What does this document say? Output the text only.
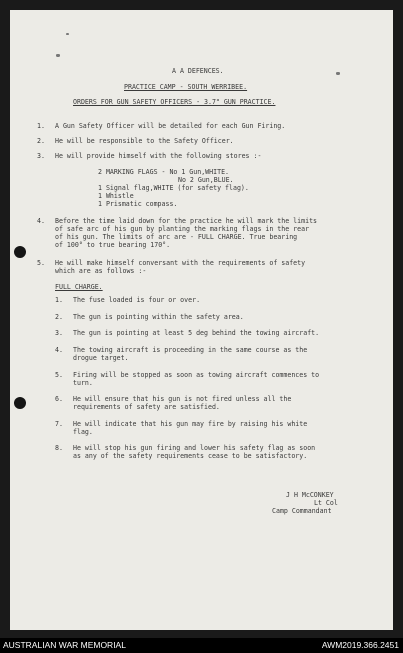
A A DEFENCES.
PRACTICE CAMP - SOUTH WERRIBEE.
ORDERS FOR GUN SAFETY OFFICERS - 3.7" GUN PRACTICE.
1. A Gun Safety Officer will be detailed for each Gun Firing.
2. He will be responsible to the Safety Officer.
3. He will provide himself with the following stores :-
2 MARKING FLAGS - No 1 Gun,WHITE.
No 2 Gun,BLUE.
1 Signal flag,WHITE (for safety flag).
1 Whistle
1 Prismatic compass.
4. Before the time laid down for the practice he will mark the limits
of safe arc of his gun by planting the marking flags in the rear
of his gun. The limits of arc are - FULL CHARGE. True bearing
of 100° to true bearing 170°.
5. He will make himself conversant with the requirements of safety
which are as follows :-
FULL CHARGE.
1. The fuse loaded is four or over.
2. The gun is pointing within the safety area.
3. The gun is pointing at least 5 deg behind the towing aircraft.
4. The towing aircraft is proceeding in the same course as the
drogue target.
5. Firing will be stopped as soon as towing aircraft commences to
turn.
6. He will ensure that his gun is not fired unless all the
requirements of safety are satisfied.
7. He will indicate that his gun may fire by raising his white
flag.
8. He will stop his gun firing and lower his safety flag as soon
as any of the safety requirements cease to be satisfactory.
J H McCONKEY
Lt Col
Camp Commandant
AUSTRALIAN WAR MEMORIAL	AWM2019.366.2451
